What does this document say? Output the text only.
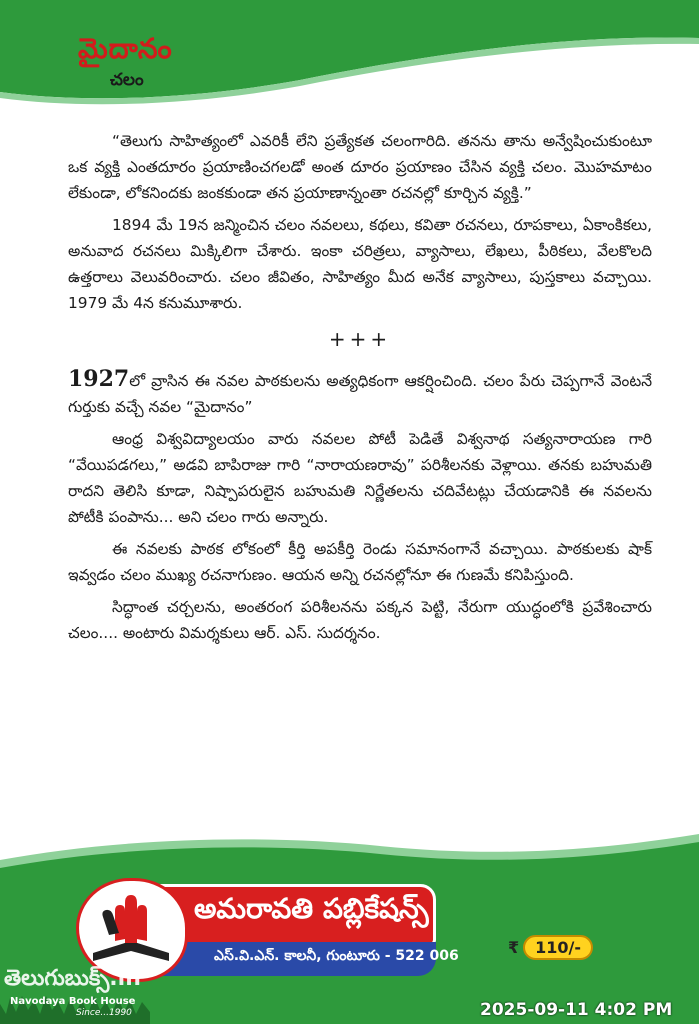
మైదానం
చలం

“తెలుగు సాహిత్యంలో ఎవరికీ లేని ప్రత్యేకత చలంగారిది. తనను తాను అన్వేషించుకుంటూ ఒక వ్యక్తి ఎంతదూరం ప్రయాణించగలడో అంత దూరం ప్రయాణం చేసిన వ్యక్తి చలం. మొహమాటం లేకుండా, లోకనిందకు జంకకుండా తన ప్రయాణాన్నంతా రచనల్లో కూర్చిన వ్యక్తి.”

1894 మే 19న జన్మించిన చలం నవలలు, కథలు, కవితా రచనలు, రూపకాలు, ఏకాంకికలు, అనువాద రచనలు మిక్కిలిగా చేశారు. ఇంకా చరిత్రలు, వ్యాసాలు, లేఖలు, పీఠికలు, వేలకొలది ఉత్తరాలు వెలువరించారు. చలం జీవితం, సాహిత్యం మీద అనేక వ్యాసాలు, పుస్తకాలు వచ్చాయి. 1979 మే 4న కనుమూశారు.

+++

1927లో వ్రాసిన ఈ నవల పాఠకులను అత్యధికంగా ఆకర్షించింది. చలం పేరు చెప్పగానే వెంటనే గుర్తుకు వచ్చే నవల “మైదానం”

ఆంధ్ర విశ్వవిద్యాలయం వారు నవలల పోటీ పెడితే విశ్వనాథ సత్యనారాయణ గారి “వేయిపడగలు,” అడవి బాపిరాజు గారి “నారాయణరావు” పరిశీలనకు వెళ్లాయి. తనకు బహుమతి రాదని తెలిసి కూడా, నిష్పాపరులైన బహుమతి నిర్ణేతలను చదివేటట్లు చేయడానికి ఈ నవలను పోటీకి పంపాను... అని చలం గారు అన్నారు.

ఈ నవలకు పాఠక లోకంలో కీర్తి అపకీర్తి రెండు సమానంగానే వచ్చాయి. పాఠకులకు షాక్ ఇవ్వడం చలం ముఖ్య రచనాగుణం. ఆయన అన్ని రచనల్లోనూ ఈ గుణమే కనిపిస్తుంది.

సిద్ధాంత చర్చలను, అంతరంగ పరిశీలనను పక్కన పెట్టి, నేరుగా యుద్ధంలోకి ప్రవేశించారు చలం.... అంటారు విమర్శకులు ఆర్. ఎస్. సుదర్శనం.

అమరావతి పబ్లికేషన్స్
ఎస్.వి.ఎన్. కాలనీ, గుంటూరు - 522 006	₹ 110/-
తెలుగుబుక్స్.in
Navodaya Book House
Since...1990	2025-09-11 4:02 PM
